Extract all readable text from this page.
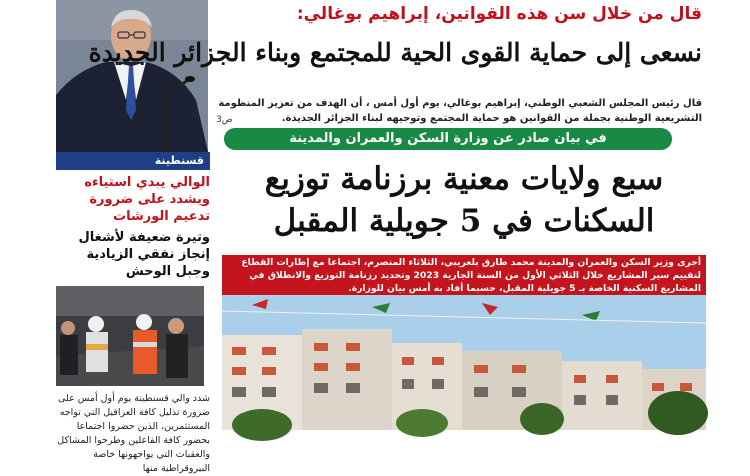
قال من خلال سن هذه القوانين، إبراهيم بوغالي:
نسعى إلى حماية القوى الحية للمجتمع وبناء الجزائر الجديدة
قال رئيس المجلس الشعبي الوطني، إبراهيم بوغالي، يوم أول أمس ، أن الهدف من تعزيز المنظومة التشريعية الوطنية بجملة من القوانين هو حماية المجتمع وتوجيهه لبناء الجزائر الجديدة.
ص3
قسنطينة
الوالي يبدي استياءه ويشدد على ضرورة تدعيم الورشات
وتيرة ضعيفة لأشغال إنجاز نفقي الزيادية وجبل الوحش
شدد والي قسنطينة يوم أول أمس على ضرورة تذليل كافة العراقيل التي تواجه المستثمرين، الذين حضروا اجتماعا بحضور كافة الفاعلين وطرحوا المشاكل والعقبات التي يواجهونها خاصة البيروقراطية منها
في بيان صادر عن وزارة السكن والعمران والمدينة
سبع ولايات معنية برزنامة توزيع
السكنات في 5 جويلية المقبل
أجرى وزير السكن والعمران والمدينة محمد طارق بلعريبي، الثلاثاء المنصرم، اجتماعا مع إطارات القطاع لتقييم سير المشاريع خلال الثلاثي الأول من السنة الجارية 2023 وتحديد رزنامة التوزيع والانطلاق في المشاريع السكنية الخاصة بـ 5 جويلية المقبل، حسبما أفاد به أمس بيان للوزارة.
